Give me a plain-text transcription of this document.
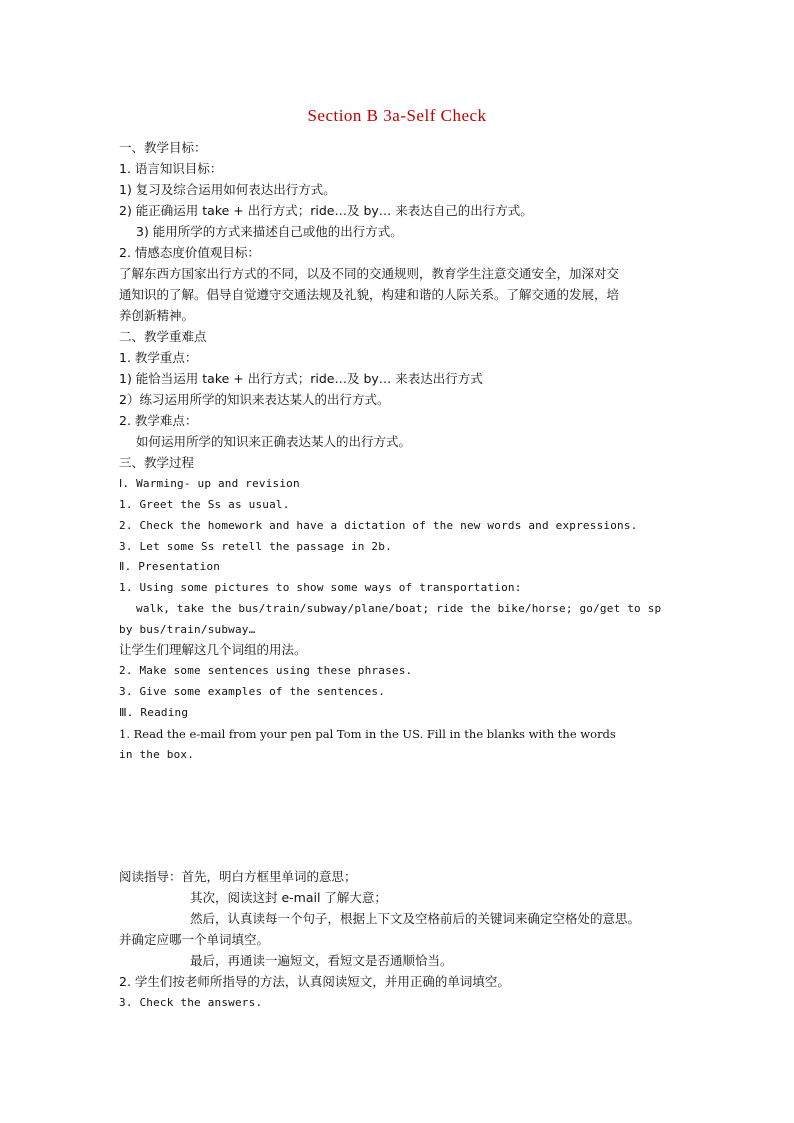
Section B 3a-Self Check
一、教学目标：
1. 语言知识目标：
1) 复习及综合运用如何表达出行方式。
2) 能正确运用 take + 出行方式；ride…及 by… 来表达自己的出行方式。
3) 能用所学的方式来描述自己或他的出行方式。
2. 情感态度价值观目标：
了解东西方国家出行方式的不同，以及不同的交通规则，教育学生注意交通安全，加深对交
通知识的了解。倡导自觉遵守交通法规及礼貌，构建和谐的人际关系。了解交通的发展，培
养创新精神。
二、教学重难点
1. 教学重点：
1) 能恰当运用 take + 出行方式；ride…及 by… 来表达出行方式
2）练习运用所学的知识来表达某人的出行方式。
2. 教学难点：
如何运用所学的知识来正确表达某人的出行方式。
三、教学过程
Ⅰ. Warming- up and revision
1. Greet the Ss as usual.
2. Check the homework and have a dictation of the new words and expressions.
3. Let some Ss retell the passage in 2b.
Ⅱ. Presentation
1. Using some pictures to show some ways of transportation:
walk, take the bus/train/subway/plane/boat; ride the bike/horse; go/get to sp
by bus/train/subway…
让学生们理解这几个词组的用法。
2. Make some sentences using these phrases.
3. Give some examples of the sentences.
Ⅲ. Reading
1. Read the e-mail from your pen pal Tom in the US. Fill in the blanks with the words
in the box.
阅读指导：首先，明白方框里单词的意思；
其次，阅读这封 e-mail 了解大意；
然后，认真读每一个句子，根据上下文及空格前后的关键词来确定空格处的意思。
并确定应哪一个单词填空。
最后，再通读一遍短文，看短文是否通顺恰当。
2. 学生们按老师所指导的方法，认真阅读短文，并用正确的单词填空。
3. Check the answers.
